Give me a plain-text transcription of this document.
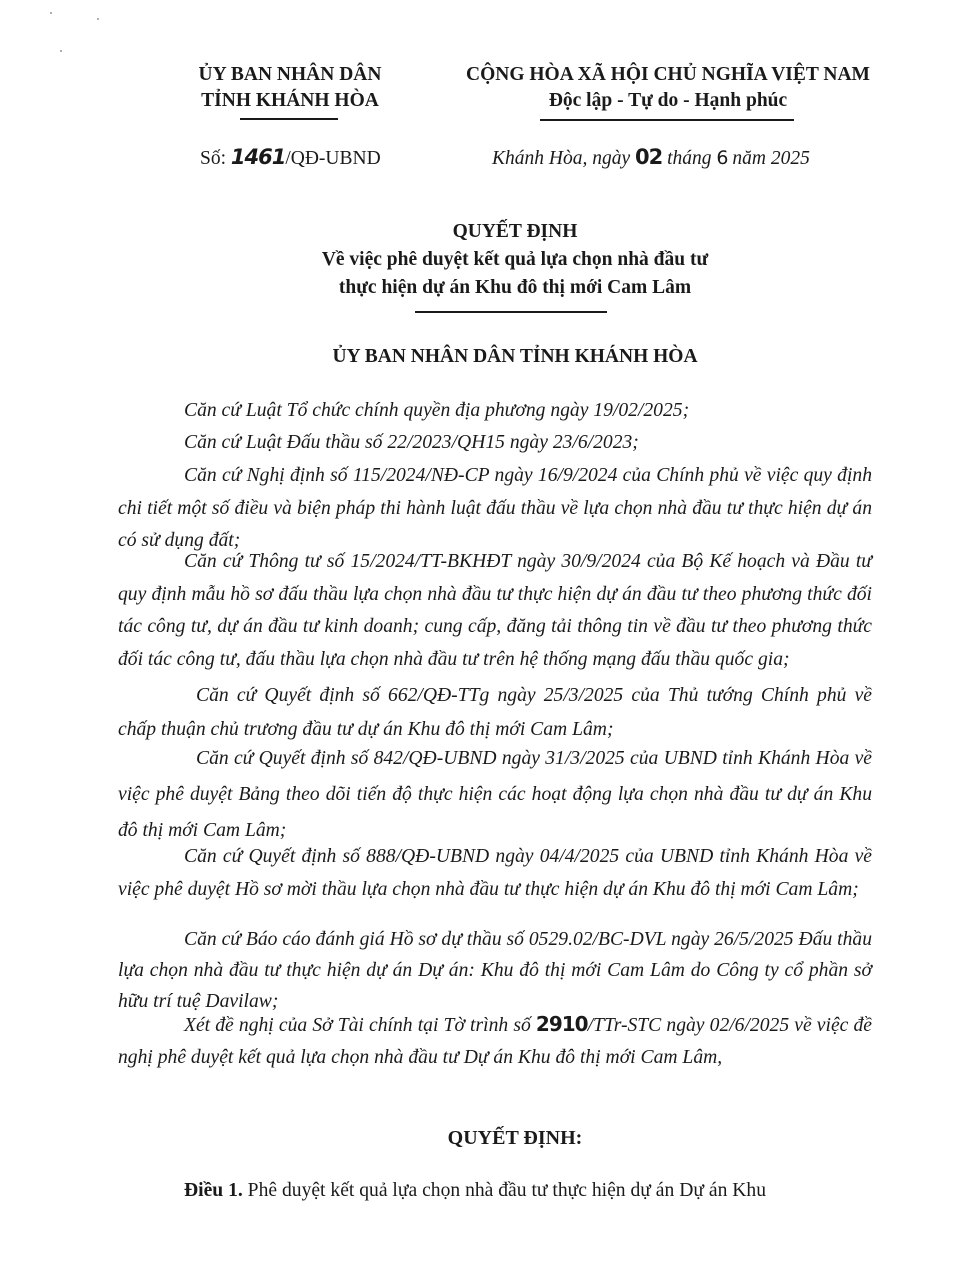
ỦY BAN NHÂN DÂN
TỈNH KHÁNH HÒA
CỘNG HÒA XÃ HỘI CHỦ NGHĨA VIỆT NAM
Độc lập - Tự do - Hạnh phúc
Số: 1461/QĐ-UBND	Khánh Hòa, ngày 02 tháng 6 năm 2025
QUYẾT ĐỊNH
Về việc phê duyệt kết quả lựa chọn nhà đầu tư
thực hiện dự án Khu đô thị mới Cam Lâm
ỦY BAN NHÂN DÂN TỈNH KHÁNH HÒA
Căn cứ Luật Tổ chức chính quyền địa phương ngày 19/02/2025;
Căn cứ Luật Đấu thầu số 22/2023/QH15 ngày 23/6/2023;
Căn cứ Nghị định số 115/2024/NĐ-CP ngày 16/9/2024 của Chính phủ về việc quy định chi tiết một số điều và biện pháp thi hành luật đấu thầu về lựa chọn nhà đầu tư thực hiện dự án có sử dụng đất;
Căn cứ Thông tư số 15/2024/TT-BKHĐT ngày 30/9/2024 của Bộ Kế hoạch và Đầu tư quy định mẫu hồ sơ đấu thầu lựa chọn nhà đầu tư thực hiện dự án đầu tư theo phương thức đối tác công tư, dự án đầu tư kinh doanh; cung cấp, đăng tải thông tin về đầu tư theo phương thức đối tác công tư, đấu thầu lựa chọn nhà đầu tư trên hệ thống mạng đấu thầu quốc gia;
Căn cứ Quyết định số 662/QĐ-TTg ngày 25/3/2025 của Thủ tướng Chính phủ về chấp thuận chủ trương đầu tư dự án Khu đô thị mới Cam Lâm;
Căn cứ Quyết định số 842/QĐ-UBND ngày 31/3/2025 của UBND tỉnh Khánh Hòa về việc phê duyệt Bảng theo dõi tiến độ thực hiện các hoạt động lựa chọn nhà đầu tư dự án Khu đô thị mới Cam Lâm;
Căn cứ Quyết định số 888/QĐ-UBND ngày 04/4/2025 của UBND tỉnh Khánh Hòa về việc phê duyệt Hồ sơ mời thầu lựa chọn nhà đầu tư thực hiện dự án Khu đô thị mới Cam Lâm;
Căn cứ Báo cáo đánh giá Hồ sơ dự thầu số 0529.02/BC-DVL ngày 26/5/2025 Đấu thầu lựa chọn nhà đầu tư thực hiện dự án Dự án: Khu đô thị mới Cam Lâm do Công ty cổ phần sở hữu trí tuệ Davilaw;
Xét đề nghị của Sở Tài chính tại Tờ trình số 2910/TTr-STC ngày 02/6/2025 về việc đề nghị phê duyệt kết quả lựa chọn nhà đầu tư Dự án Khu đô thị mới Cam Lâm,
QUYẾT ĐỊNH:
Điều 1. Phê duyệt kết quả lựa chọn nhà đầu tư thực hiện dự án Dự án Khu
